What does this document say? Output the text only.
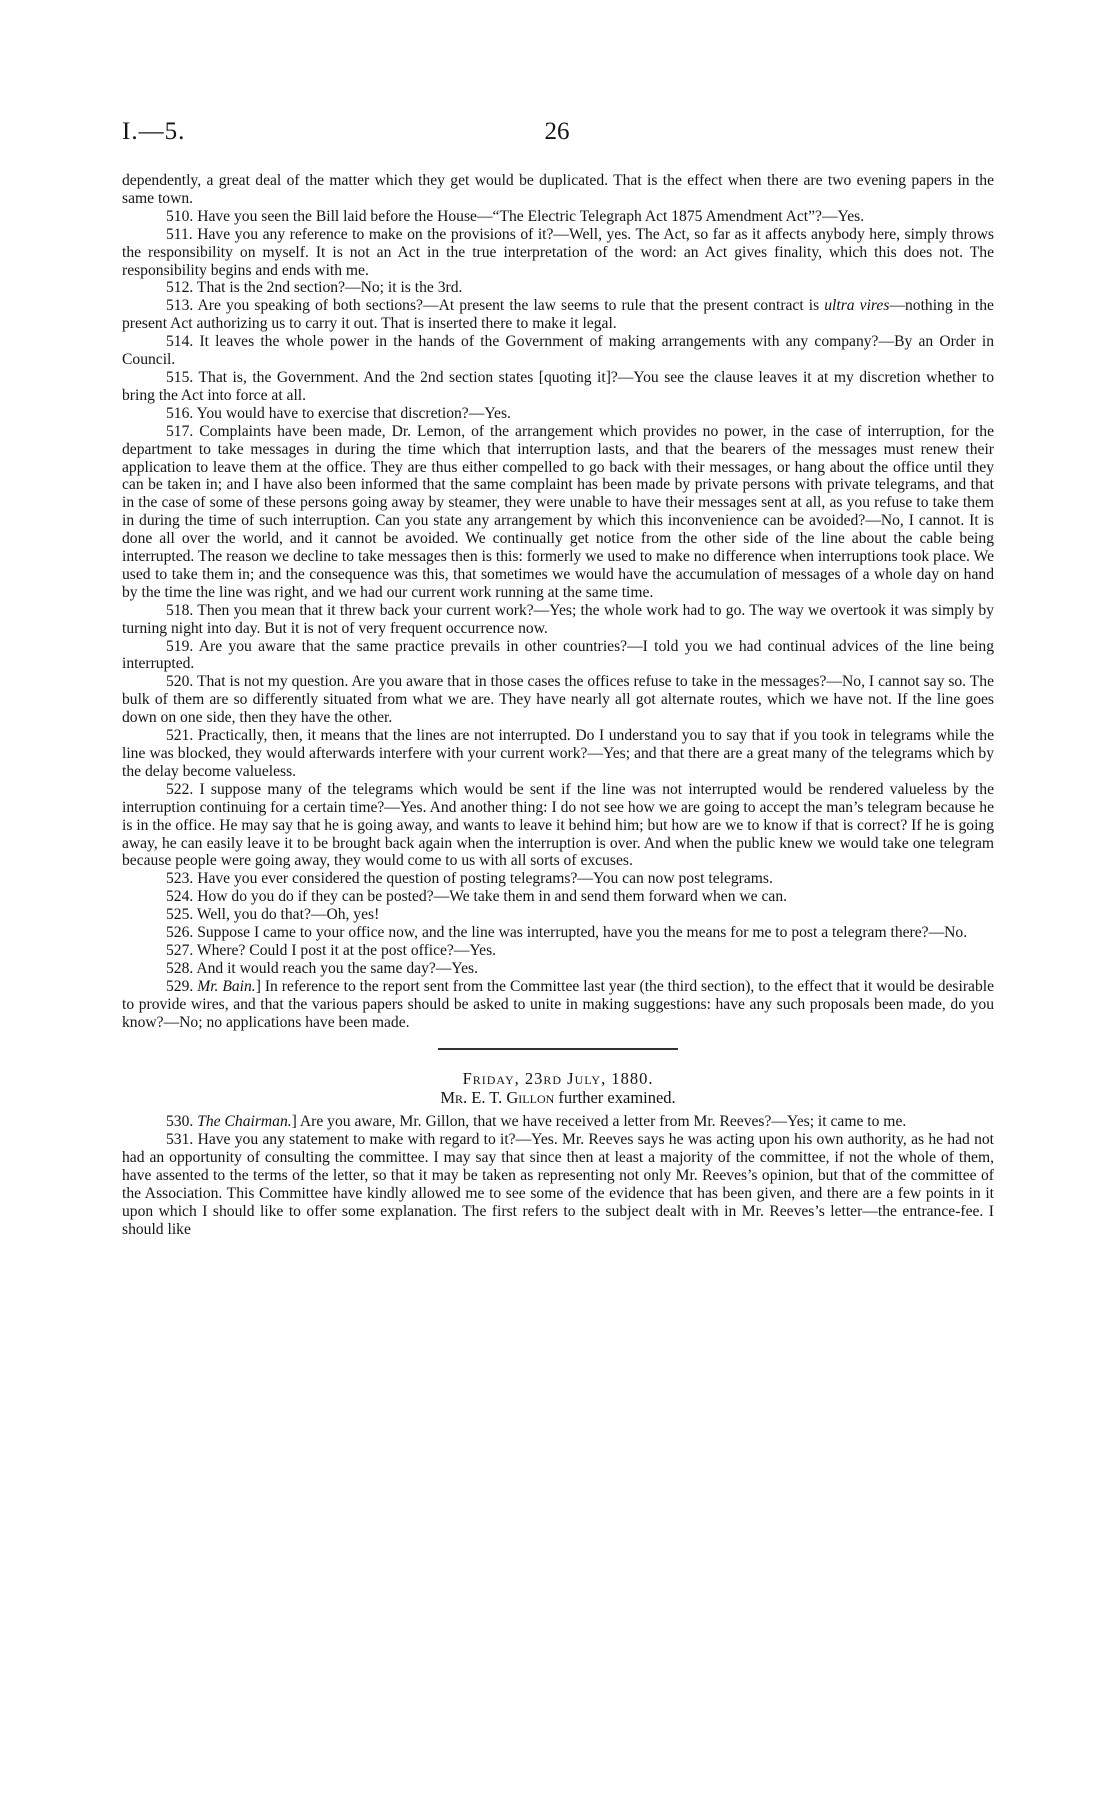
I.—5.	26

dependently, a great deal of the matter which they get would be duplicated. That is the effect when there are two evening papers in the same town.

510. Have you seen the Bill laid before the House—“The Electric Telegraph Act 1875 Amendment Act”?—Yes.

511. Have you any reference to make on the provisions of it?—Well, yes. The Act, so far as it affects anybody here, simply throws the responsibility on myself. It is not an Act in the true interpretation of the word: an Act gives finality, which this does not. The responsibility begins and ends with me.

512. That is the 2nd section?—No; it is the 3rd.

513. Are you speaking of both sections?—At present the law seems to rule that the present contract is ultra vires—nothing in the present Act authorizing us to carry it out. That is inserted there to make it legal.

514. It leaves the whole power in the hands of the Government of making arrangements with any company?—By an Order in Council.

515. That is, the Government. And the 2nd section states [quoting it]?—You see the clause leaves it at my discretion whether to bring the Act into force at all.

516. You would have to exercise that discretion?—Yes.

517. Complaints have been made, Dr. Lemon, of the arrangement which provides no power, in the case of interruption, for the department to take messages in during the time which that interruption lasts, and that the bearers of the messages must renew their application to leave them at the office. They are thus either compelled to go back with their messages, or hang about the office until they can be taken in; and I have also been informed that the same complaint has been made by private persons with private telegrams, and that in the case of some of these persons going away by steamer, they were unable to have their messages sent at all, as you refuse to take them in during the time of such interruption. Can you state any arrangement by which this inconvenience can be avoided?—No, I cannot. It is done all over the world, and it cannot be avoided. We continually get notice from the other side of the line about the cable being interrupted. The reason we decline to take messages then is this: formerly we used to make no difference when interruptions took place. We used to take them in; and the consequence was this, that sometimes we would have the accumulation of messages of a whole day on hand by the time the line was right, and we had our current work running at the same time.

518. Then you mean that it threw back your current work?—Yes; the whole work had to go. The way we overtook it was simply by turning night into day. But it is not of very frequent occurrence now.

519. Are you aware that the same practice prevails in other countries?—I told you we had continual advices of the line being interrupted.

520. That is not my question. Are you aware that in those cases the offices refuse to take in the messages?—No, I cannot say so. The bulk of them are so differently situated from what we are. They have nearly all got alternate routes, which we have not. If the line goes down on one side, then they have the other.

521. Practically, then, it means that the lines are not interrupted. Do I understand you to say that if you took in telegrams while the line was blocked, they would afterwards interfere with your current work?—Yes; and that there are a great many of the telegrams which by the delay become valueless.

522. I suppose many of the telegrams which would be sent if the line was not interrupted would be rendered valueless by the interruption continuing for a certain time?—Yes. And another thing: I do not see how we are going to accept the man’s telegram because he is in the office. He may say that he is going away, and wants to leave it behind him; but how are we to know if that is correct? If he is going away, he can easily leave it to be brought back again when the interruption is over. And when the public knew we would take one telegram because people were going away, they would come to us with all sorts of excuses.

523. Have you ever considered the question of posting telegrams?—You can now post telegrams.

524. How do you do if they can be posted?—We take them in and send them forward when we can.

525. Well, you do that?—Oh, yes!

526. Suppose I came to your office now, and the line was interrupted, have you the means for me to post a telegram there?—No.

527. Where? Could I post it at the post office?—Yes.

528. And it would reach you the same day?—Yes.

529. Mr. Bain.] In reference to the report sent from the Committee last year (the third section), to the effect that it would be desirable to provide wires, and that the various papers should be asked to unite in making suggestions: have any such proposals been made, do you know?—No; no applications have been made.

Friday, 23rd July, 1880.

Mr. E. T. Gillon further examined.

530. The Chairman.] Are you aware, Mr. Gillon, that we have received a letter from Mr. Reeves?—Yes; it came to me.

531. Have you any statement to make with regard to it?—Yes. Mr. Reeves says he was acting upon his own authority, as he had not had an opportunity of consulting the committee. I may say that since then at least a majority of the committee, if not the whole of them, have assented to the terms of the letter, so that it may be taken as representing not only Mr. Reeves’s opinion, but that of the committee of the Association. This Committee have kindly allowed me to see some of the evidence that has been given, and there are a few points in it upon which I should like to offer some explanation. The first refers to the subject dealt with in Mr. Reeves’s letter—the entrance-fee. I should like
